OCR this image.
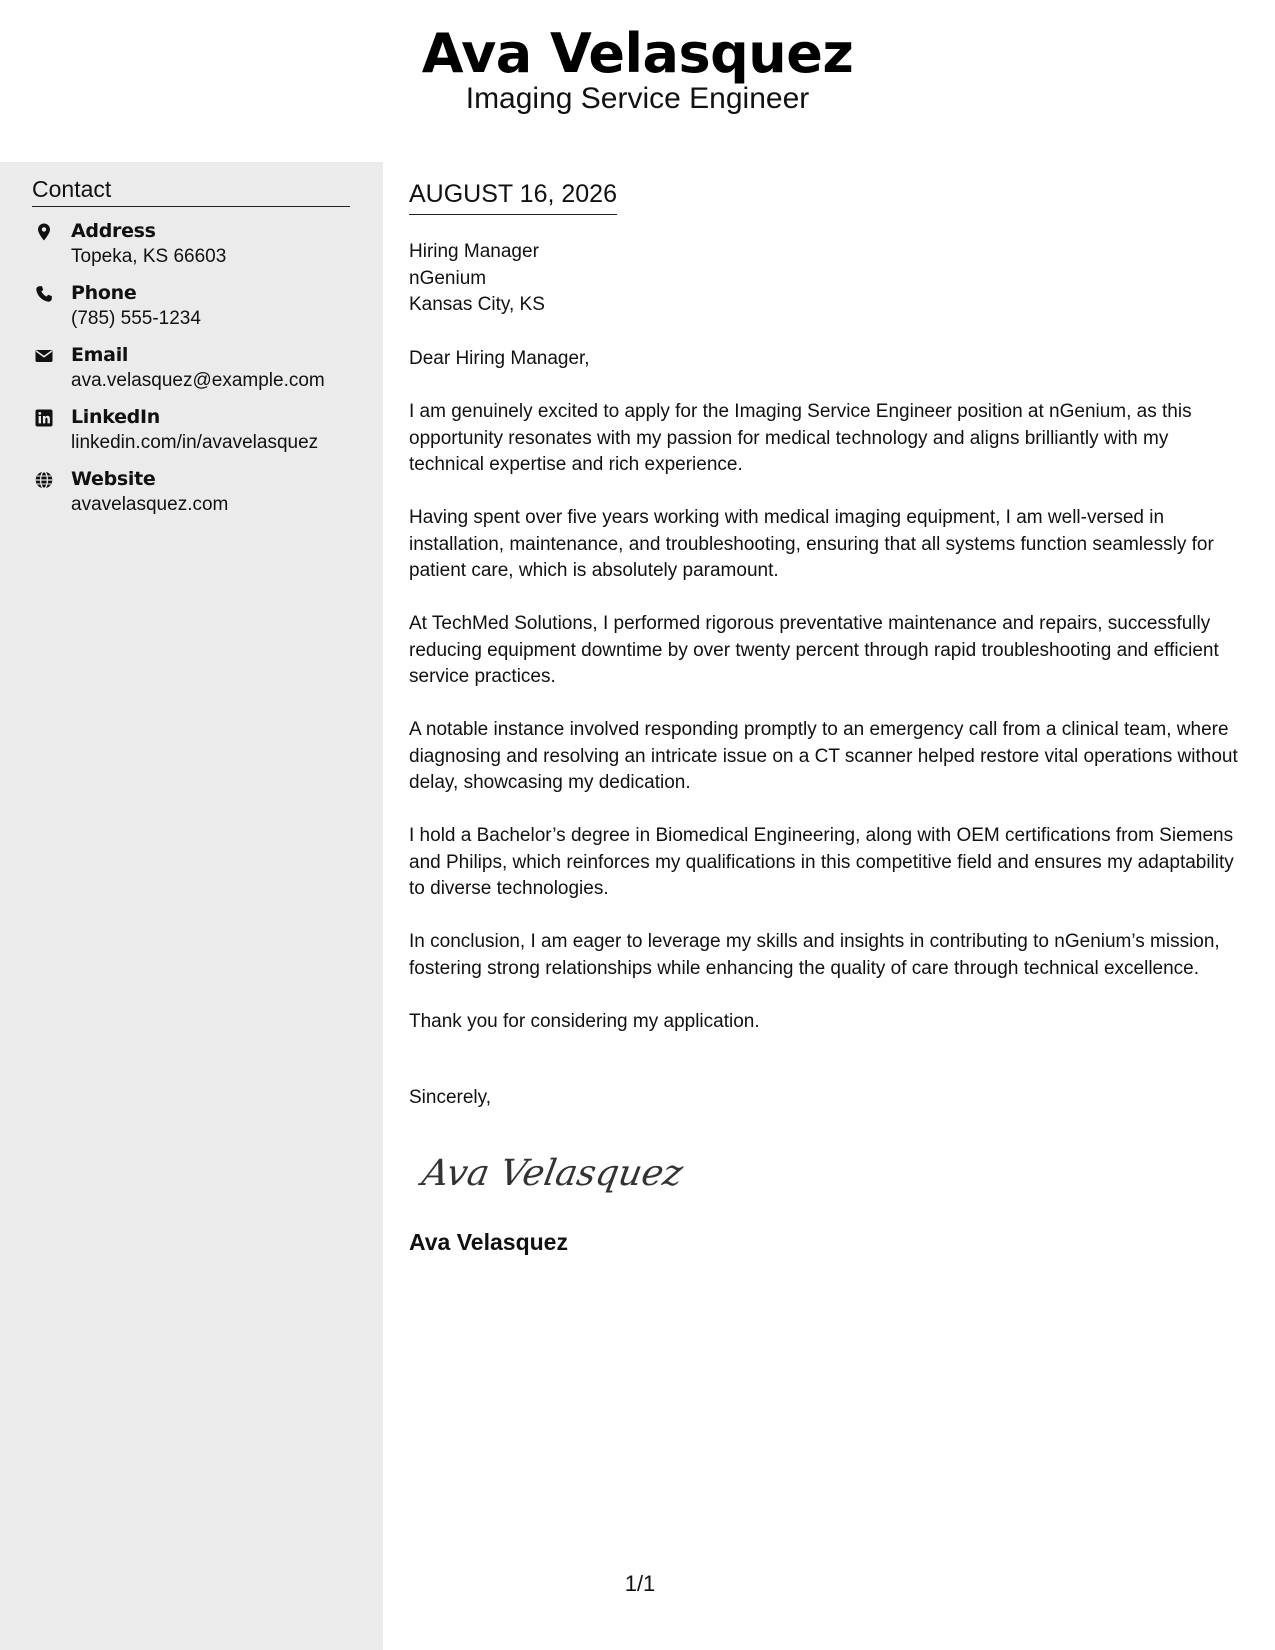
Ava Velasquez
Imaging Service Engineer
Contact
Address
Topeka, KS 66603
Phone
(785) 555-1234
Email
ava.velasquez@example.com
LinkedIn
linkedin.com/in/avavelasquez
Website
avavelasquez.com
AUGUST 16, 2026
Hiring Manager
nGenium
Kansas City, KS
Dear Hiring Manager,

I am genuinely excited to apply for the Imaging Service Engineer position at nGenium, as this opportunity resonates with my passion for medical technology and aligns brilliantly with my technical expertise and rich experience.

Having spent over five years working with medical imaging equipment, I am well-versed in installation, maintenance, and troubleshooting, ensuring that all systems function seamlessly for patient care, which is absolutely paramount.

At TechMed Solutions, I performed rigorous preventative maintenance and repairs, successfully reducing equipment downtime by over twenty percent through rapid troubleshooting and efficient service practices.

A notable instance involved responding promptly to an emergency call from a clinical team, where diagnosing and resolving an intricate issue on a CT scanner helped restore vital operations without delay, showcasing my dedication.

I hold a Bachelor’s degree in Biomedical Engineering, along with OEM certifications from Siemens and Philips, which reinforces my qualifications in this competitive field and ensures my adaptability to diverse technologies.

In conclusion, I am eager to leverage my skills and insights in contributing to nGenium’s mission, fostering strong relationships while enhancing the quality of care through technical excellence.

Thank you for considering my application.

Sincerely,
Ava Velasquez
Ava Velasquez
1/1
